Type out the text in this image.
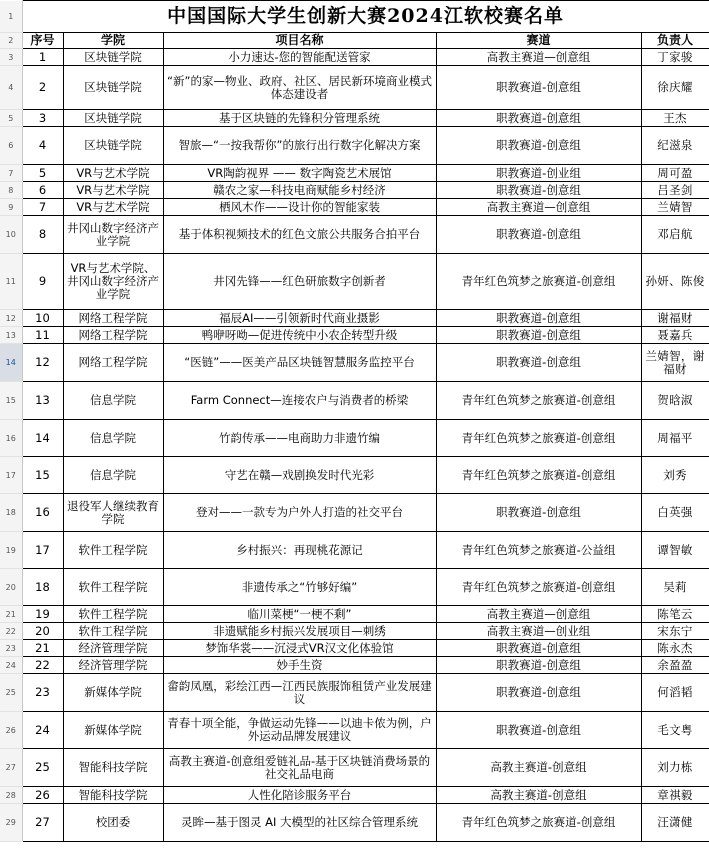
1	中国国际大学生创新大赛2024江软校赛名单				
2	序号	学院	项目名称	赛道	负责人
3	1	区块链学院	小力速达-您的智能配送管家	高教主赛道—创意组	丁家骏
4	2	区块链学院	“新”的家—物业、政府、社区、居民新环境商业模式体态建设者	职教赛道-创意组	徐庆耀
5	3	区块链学院	基于区块链的先锋积分管理系统	职教赛道-创意组	王杰
6	4	区块链学院	智旅—“一按我帮你”的旅行出行数字化解决方案	职教赛道-创意组	纪滋泉
7	5	VR与艺术学院	VR陶韵视界 —— 数字陶瓷艺术展馆	职教赛道-创业组	周可盈
8	6	VR与艺术学院	赣农之家—科技电商赋能乡村经济	职教赛道-创意组	吕圣剑
9	7	VR与艺术学院	栖风木作——设计你的智能家装	高教主赛道—创意组	兰婧智
10	8	井冈山数字经济产业学院	基于体积视频技术的红色文旅公共服务合拍平台	职教赛道-创意组	邓启航
11	9	VR与艺术学院、井冈山数字经济产业学院	井冈先锋——红色研旅数字创新者	青年红色筑梦之旅赛道-创意组	孙妍、陈俊
12	10	网络工程学院	福辰AI——引领新时代商业摄影	职教赛道-创意组	谢福财
13	11	网络工程学院	鸭咿呀呦—促进传统中小农企转型升级	职教赛道-创意组	聂嘉兵
14	12	网络工程学院	“医链”——医美产品区块链智慧服务监控平台	职教赛道-创意组	兰婧智，谢福财
15	13	信息学院	Farm Connect—连接农户与消费者的桥梁	青年红色筑梦之旅赛道-创意组	贺晗淑
16	14	信息学院	竹韵传承——电商助力非遗竹编	青年红色筑梦之旅赛道-创意组	周福平
17	15	信息学院	守艺在赣—戏剧换发时代光彩	青年红色筑梦之旅赛道-创意组	刘秀
18	16	退役军人继续教育学院	登对——一款专为户外人打造的社交平台	职教赛道-创意组	白英强
19	17	软件工程学院	乡村振兴：再现桃花源记	青年红色筑梦之旅赛道-公益组	谭智敏
20	18	软件工程学院	非遗传承之“竹够好编”	青年红色筑梦之旅赛道-创意组	吴莉
21	19	软件工程学院	临川菜梗“一梗不剩”	高教主赛道—创意组	陈笔云
22	20	软件工程学院	非遗赋能乡村振兴发展项目—刺绣	高教主赛道—创业组	宋东宁
23	21	经济管理学院	梦饰华裳——沉浸式VR汉文化体验馆	职教赛道-创意组	陈永杰
24	22	经济管理学院	妙手生资	职教赛道-创意组	余盈盈
25	23	新媒体学院	畲韵凤凰，彩绘江西—江西民族服饰租赁产业发展建议	职教赛道-创意组	何滔韬
26	24	新媒体学院	青春十项全能，争做运动先锋——以迪卡侬为例，户外运动品牌发展建议	职教赛道-创意组	毛文粤
27	25	智能科技学院	高教主赛道-创意组爱链礼品-基于区块链消费场景的社交礼品电商	高教主赛道-创意组	刘力栋
28	26	智能科技学院	人性化陪诊服务平台	高教主赛道-创意组	章祺毅
29	27	校团委	灵眸—基于图灵 AI 大模型的社区综合管理系统	青年红色筑梦之旅赛道-创意组	汪潇健
